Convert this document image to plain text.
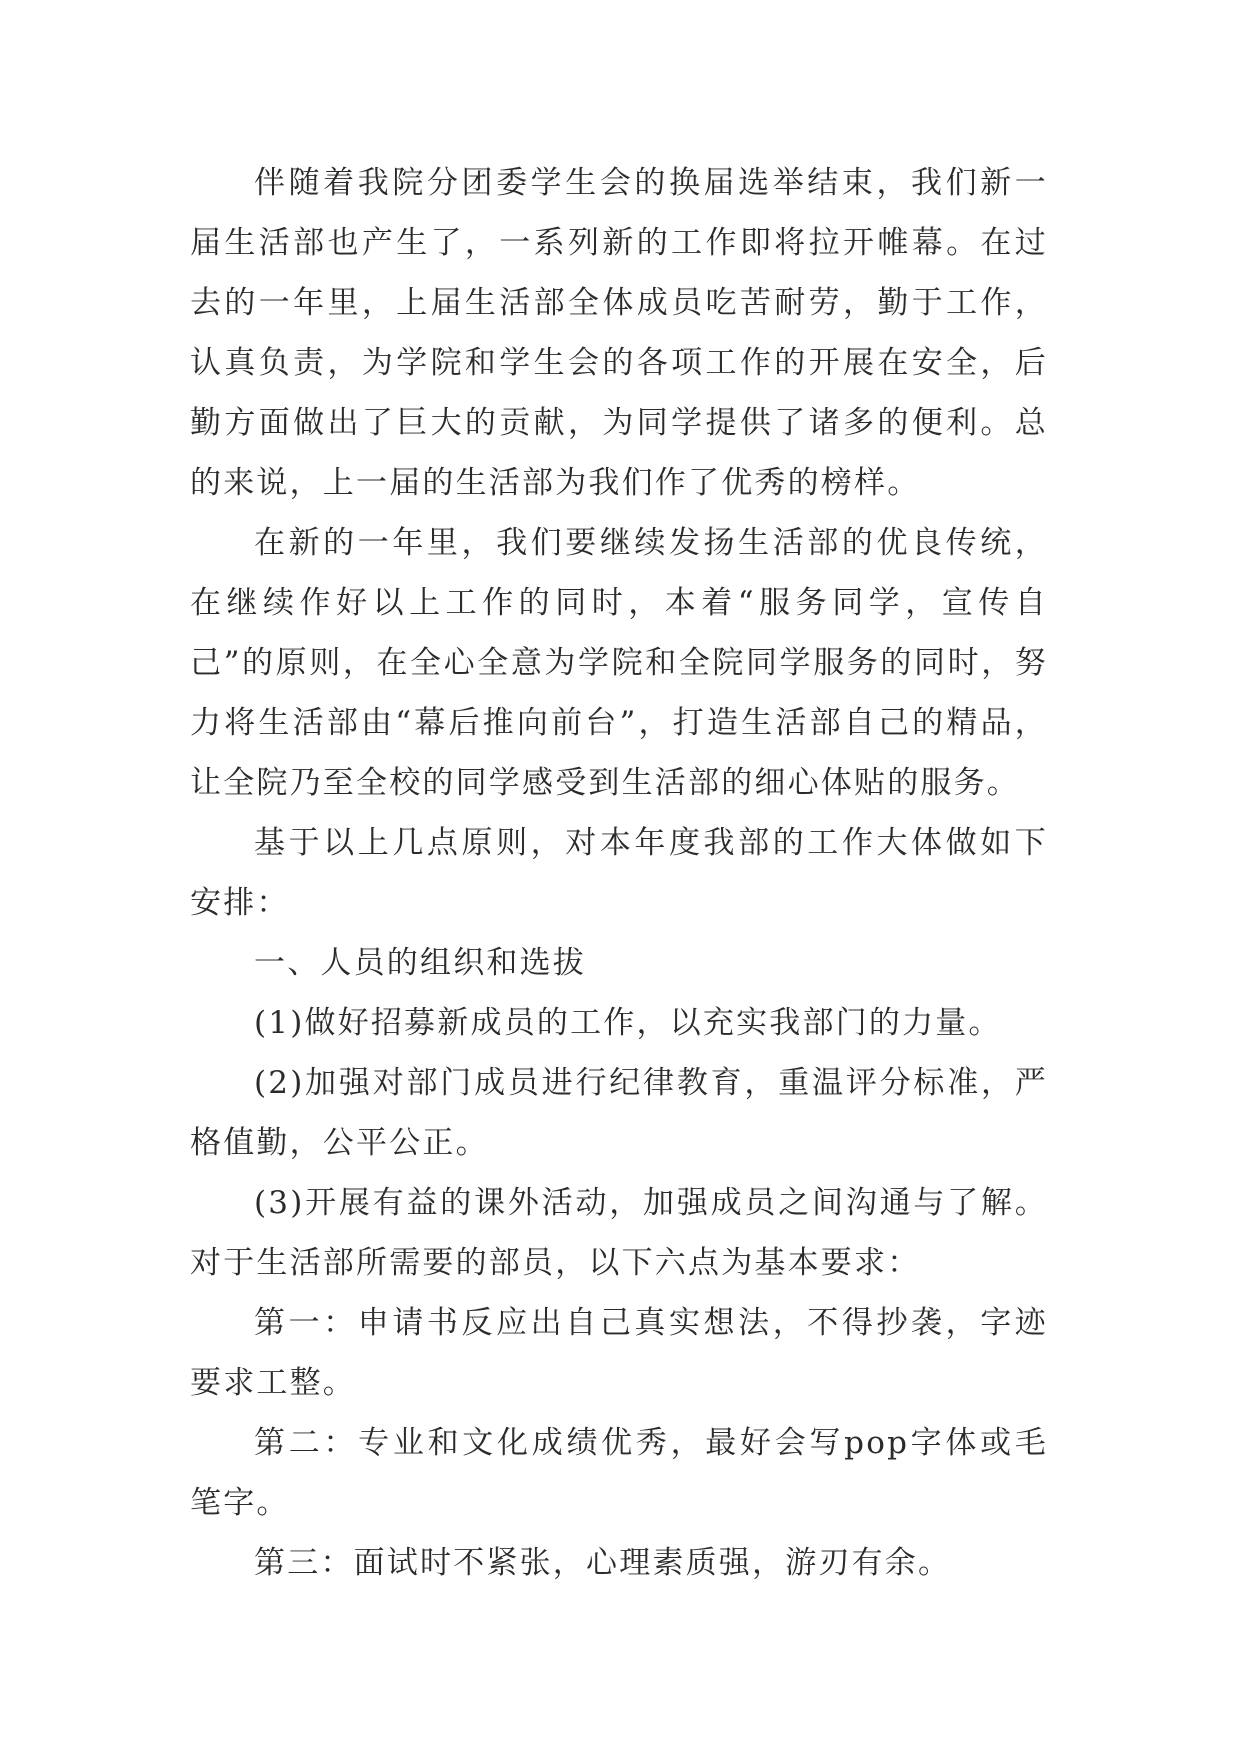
伴随着我院分团委学生会的换届选举结束，我们新一届生活部也产生了，一系列新的工作即将拉开帷幕。在过去的一年里，上届生活部全体成员吃苦耐劳，勤于工作，认真负责，为学院和学生会的各项工作的开展在安全，后勤方面做出了巨大的贡献，为同学提供了诸多的便利。总的来说，上一届的生活部为我们作了优秀的榜样。

在新的一年里，我们要继续发扬生活部的优良传统，在继续作好以上工作的同时，本着“服务同学，宣传自己”的原则，在全心全意为学院和全院同学服务的同时，努力将生活部由“幕后推向前台”，打造生活部自己的精品，让全院乃至全校的同学感受到生活部的细心体贴的服务。

基于以上几点原则，对本年度我部的工作大体做如下安排：

一、人员的组织和选拔

(1)做好招募新成员的工作，以充实我部门的力量。

(2)加强对部门成员进行纪律教育，重温评分标准，严格值勤，公平公正。

(3)开展有益的课外活动，加强成员之间沟通与了解。对于生活部所需要的部员，以下六点为基本要求：

第一：申请书反应出自己真实想法，不得抄袭，字迹要求工整。

第二：专业和文化成绩优秀，最好会写pop字体或毛笔字。

第三：面试时不紧张，心理素质强，游刃有余。
